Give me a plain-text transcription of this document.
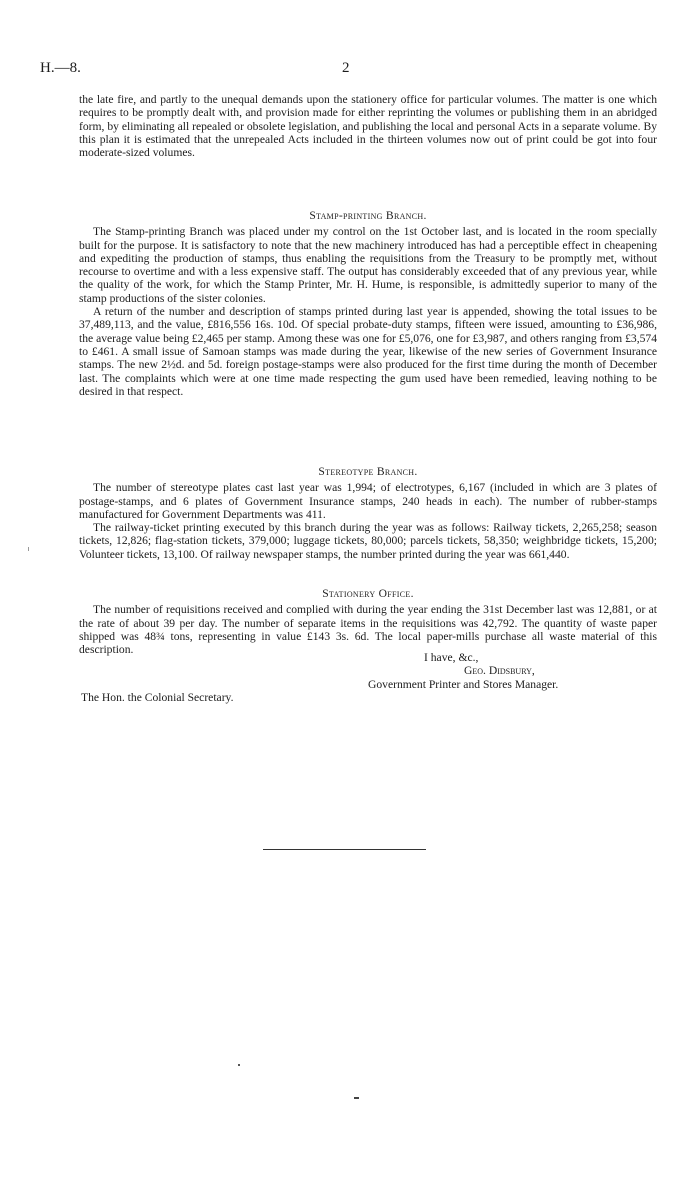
H.—8.	2

the late fire, and partly to the unequal demands upon the stationery office for particular volumes. The matter is one which requires to be promptly dealt with, and provision made for either reprinting the volumes or publishing them in an abridged form, by eliminating all repealed or obsolete legislation, and publishing the local and personal Acts in a separate volume. By this plan it is estimated that the unrepealed Acts included in the thirteen volumes now out of print could be got into four moderate-sized volumes.

Stamp-printing Branch.

The Stamp-printing Branch was placed under my control on the 1st October last, and is located in the room specially built for the purpose. It is satisfactory to note that the new machinery introduced has had a perceptible effect in cheapening and expediting the production of stamps, thus enabling the requisitions from the Treasury to be promptly met, without recourse to overtime and with a less expensive staff. The output has considerably exceeded that of any previous year, while the quality of the work, for which the Stamp Printer, Mr. H. Hume, is responsible, is admittedly superior to many of the stamp productions of the sister colonies.

A return of the number and description of stamps printed during last year is appended, showing the total issues to be 37,489,113, and the value, £816,556 16s. 10d. Of special probate-duty stamps, fifteen were issued, amounting to £36,986, the average value being £2,465 per stamp. Among these was one for £5,076, one for £3,987, and others ranging from £3,574 to £461. A small issue of Samoan stamps was made during the year, likewise of the new series of Government Insurance stamps. The new 2½d. and 5d. foreign postage-stamps were also produced for the first time during the month of December last. The complaints which were at one time made respecting the gum used have been remedied, leaving nothing to be desired in that respect.

Stereotype Branch.

The number of stereotype plates cast last year was 1,994; of electrotypes, 6,167 (included in which are 3 plates of postage-stamps, and 6 plates of Government Insurance stamps, 240 heads in each). The number of rubber-stamps manufactured for Government Departments was 411.

The railway-ticket printing executed by this branch during the year was as follows: Railway tickets, 2,265,258; season tickets, 12,826; flag-station tickets, 379,000; luggage tickets, 80,000; parcels tickets, 58,350; weighbridge tickets, 15,200; Volunteer tickets, 13,100. Of railway newspaper stamps, the number printed during the year was 661,440.

Stationery Office.

The number of requisitions received and complied with during the year ending the 31st December last was 12,881, or at the rate of about 39 per day. The number of separate items in the requisitions was 42,792. The quantity of waste paper shipped was 48¾ tons, representing in value £143 3s. 6d. The local paper-mills purchase all waste material of this description.

I have, &c.,
Geo. Didsbury,
Government Printer and Stores Manager.
The Hon. the Colonial Secretary.
